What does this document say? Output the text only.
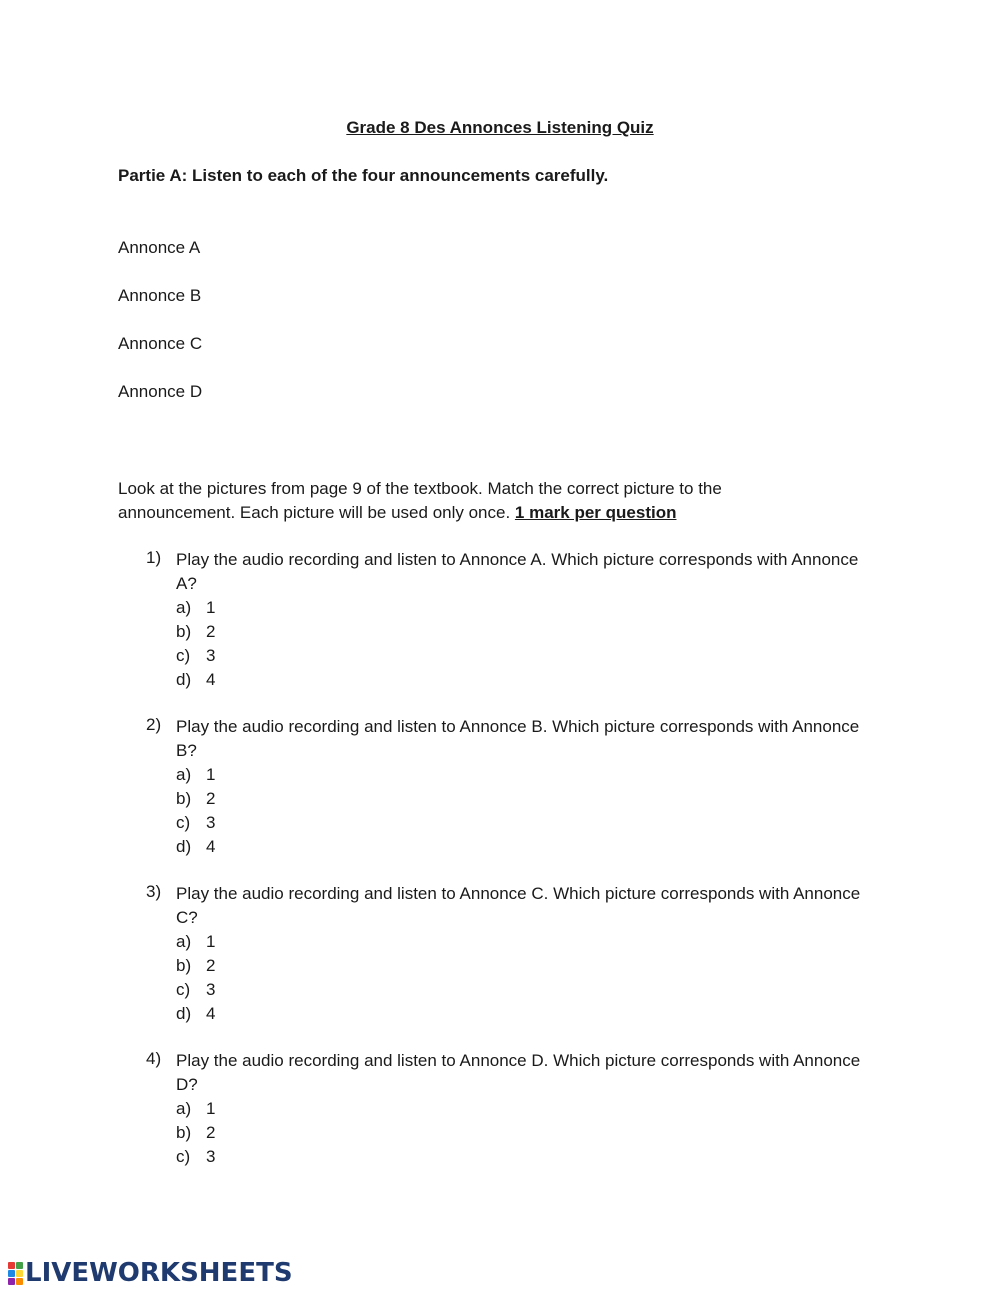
Grade 8 Des Annonces Listening Quiz

Partie A: Listen to each of the four announcements carefully.

Annonce A

Annonce B

Annonce C

Annonce D

Look at the pictures from page 9 of the textbook. Match the correct picture to the
announcement. Each picture will be used only once. 1 mark per question
1) Play the audio recording and listen to Annonce A. Which picture corresponds with Annonce A?
a) 1
b) 2
c) 3
d) 4
2) Play the audio recording and listen to Annonce B. Which picture corresponds with Annonce B?
a) 1
b) 2
c) 3
d) 4
3) Play the audio recording and listen to Annonce C. Which picture corresponds with Annonce C?
a) 1
b) 2
c) 3
d) 4
4) Play the audio recording and listen to Annonce D. Which picture corresponds with Annonce D?
a) 1
b) 2
c) 3
LIVEWORKSHEETS
